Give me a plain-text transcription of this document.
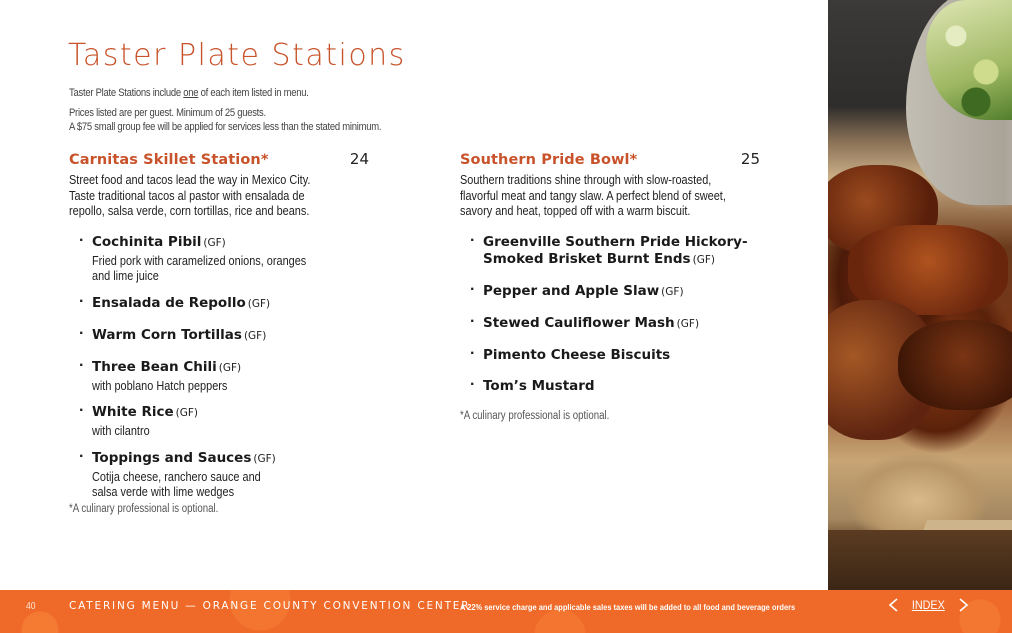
Taster Plate Stations
Taster Plate Stations include one of each item listed in menu.
Prices listed are per guest. Minimum of 25 guests.
A $75 small group fee will be applied for services less than the stated minimum.
Carnitas Skillet Station*	24
Street food and tacos lead the way in Mexico City.
Taste traditional tacos al pastor with ensalada de
repollo, salsa verde, corn tortillas, rice and beans.
· Cochinita Pibil (GF)
Fried pork with caramelized onions, oranges
and lime juice
· Ensalada de Repollo (GF)
· Warm Corn Tortillas (GF)
· Three Bean Chili (GF)
with poblano Hatch peppers
· White Rice (GF)
with cilantro
· Toppings and Sauces (GF)
Cotija cheese, ranchero sauce and
salsa verde with lime wedges
*A culinary professional is optional.
Southern Pride Bowl*	25
Southern traditions shine through with slow-roasted,
flavorful meat and tangy slaw. A perfect blend of sweet,
savory and heat, topped off with a warm biscuit.
· Greenville Southern Pride Hickory-
Smoked Brisket Burnt Ends (GF)
· Pepper and Apple Slaw (GF)
· Stewed Cauliflower Mash (GF)
· Pimento Cheese Biscuits
· Tom’s Mustard
*A culinary professional is optional.
40	CATERING MENU — ORANGE COUNTY CONVENTION CENTER
A 22% service charge and applicable sales taxes will be added to all food and beverage orders	INDEX
